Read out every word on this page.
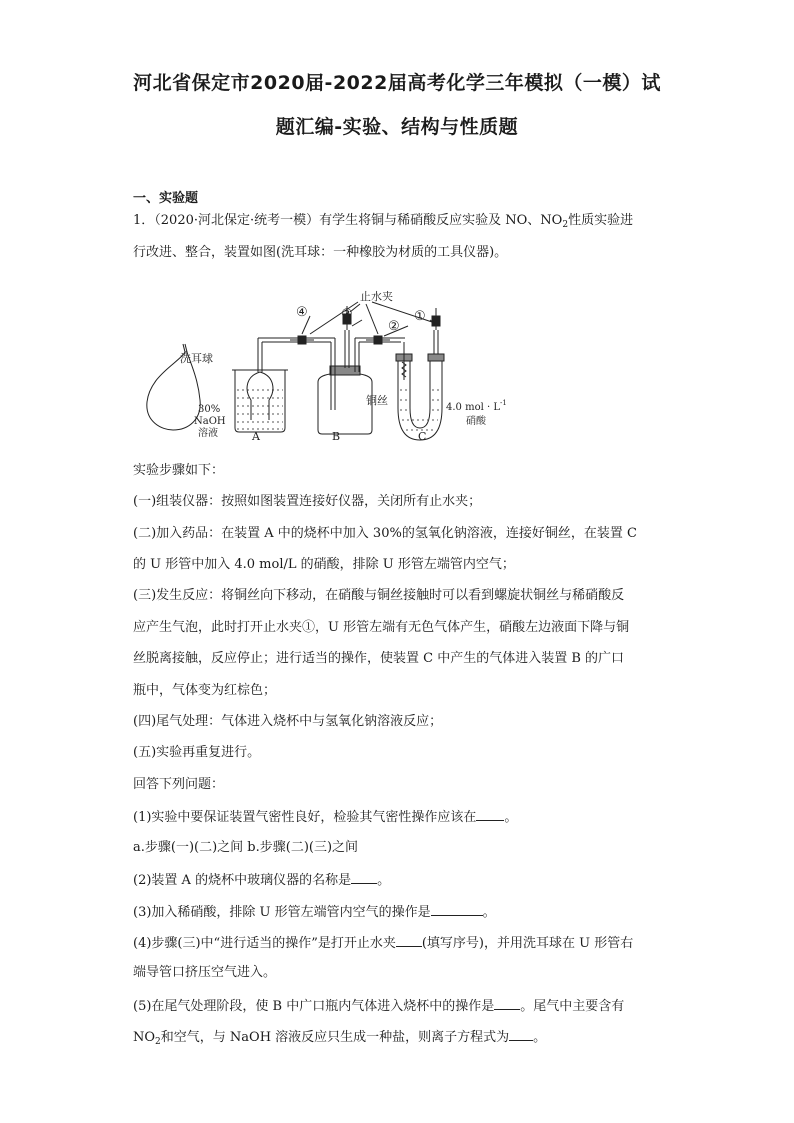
河北省保定市2020届-2022届高考化学三年模拟（一模）试
题汇编-实验、结构与性质题
一、实验题
1．（2020·河北保定·统考一模）有学生将铜与稀硝酸反应实验及 NO、$NO_2$性质实验进
行改进、整合，装置如图(洗耳球：一种橡胶为材质的工具仪器)。
止水夹
④	③
②
①
洗耳球
30%
NaOH
溶液
铜丝
4.0 mol · $L^{-1}$
硝酸
A	B	C
实验步骤如下：
(一)组装仪器：按照如图装置连接好仪器，关闭所有止水夹；
(二)加入药品：在装置 A 中的烧杯中加入 30%的氢氧化钠溶液，连接好铜丝，在装置 C
的 U 形管中加入 4.0 mol/L 的硝酸，排除 U 形管左端管内空气；
(三)发生反应：将铜丝向下移动，在硝酸与铜丝接触时可以看到螺旋状铜丝与稀硝酸反
应产生气泡，此时打开止水夹①，U 形管左端有无色气体产生，硝酸左边液面下降与铜
丝脱离接触，反应停止；进行适当的操作，使装置 C 中产生的气体进入装置 B 的广口
瓶中，气体变为红棕色；
(四)尾气处理：气体进入烧杯中与氢氧化钠溶液反应；
(五)实验再重复进行。
回答下列问题：
(1)实验中要保证装置气密性良好，检验其气密性操作应该在 。
a.步骤(一)(二)之间 b.步骤(二)(三)之间
(2)装置 A 的烧杯中玻璃仪器的名称是 。
(3)加入稀硝酸，排除 U 形管左端管内空气的操作是	。
(4)步骤(三)中“进行适当的操作”是打开止水夹 (填写序号)，并用洗耳球在 U 形管右
端导管口挤压空气进入。
(5)在尾气处理阶段，使 B 中广口瓶内气体进入烧杯中的操作是 。尾气中主要含有
$NO_2$和空气，与 NaOH 溶液反应只生成一种盐，则离子方程式为 。
